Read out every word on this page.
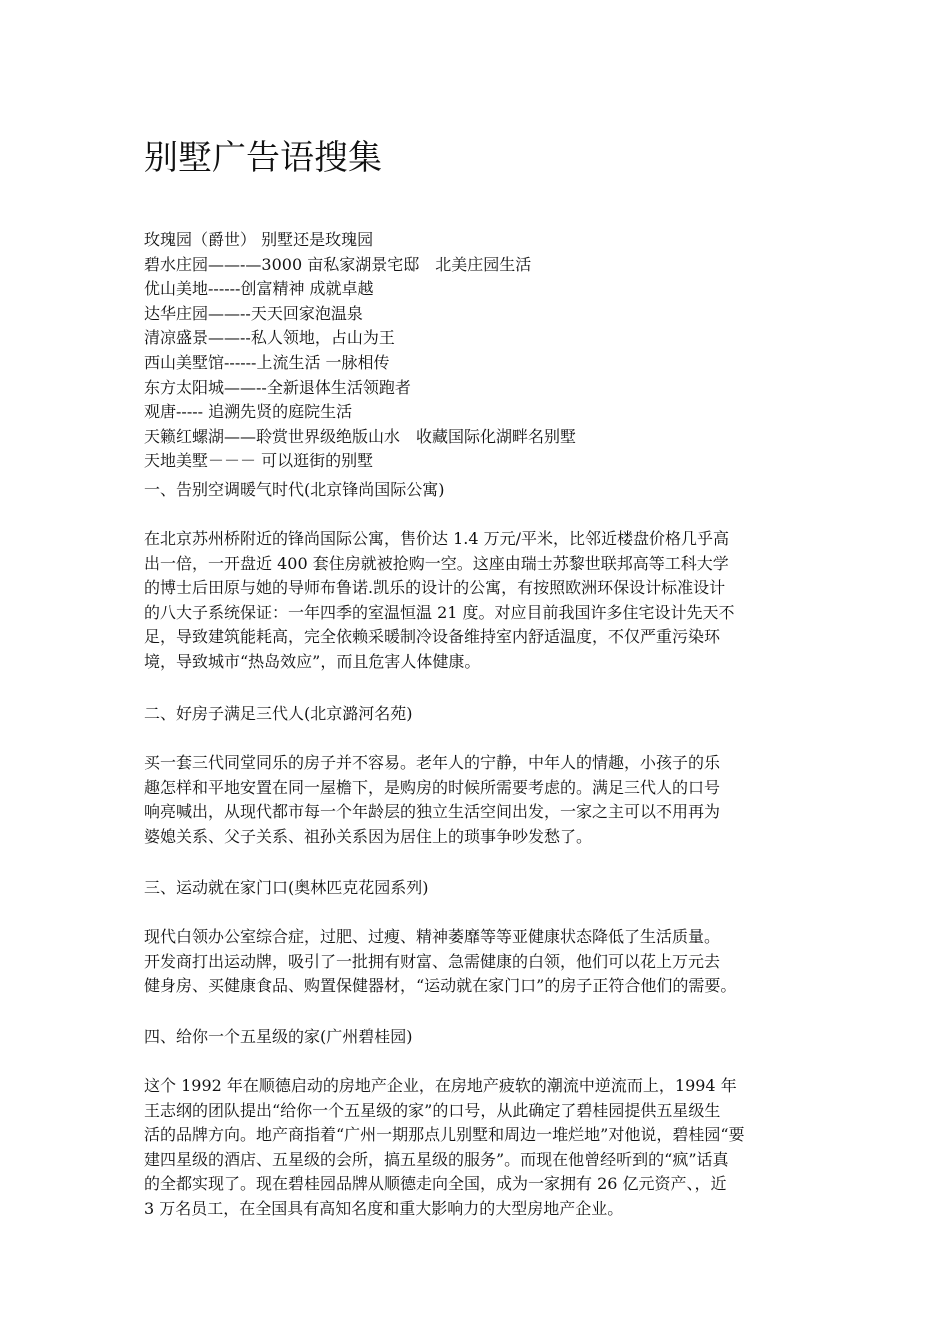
别墅广告语搜集
玫瑰园（爵世） 别墅还是玫瑰园
碧水庄园——-—3000 亩私家湖景宅邸　北美庄园生活
优山美地------创富精神 成就卓越
达华庄园——--天天回家泡温泉
清凉盛景——--私人领地，占山为王
西山美墅馆------上流生活 一脉相传
东方太阳城——--全新退体生活领跑者
观唐----- 追溯先贤的庭院生活
天籁红螺湖——聆赏世界级绝版山水　收藏国际化湖畔名别墅
天地美墅－－－ 可以逛街的别墅
一、告别空调暖气时代(北京锋尚国际公寓)
在北京苏州桥附近的锋尚国际公寓，售价达 1.4 万元/平米，比邻近楼盘价格几乎高
出一倍，一开盘近 400 套住房就被抢购一空。这座由瑞士苏黎世联邦高等工科大学
的博士后田原与她的导师布鲁诺.凯乐的设计的公寓，有按照欧洲环保设计标准设计
的八大子系统保证：一年四季的室温恒温 21 度。对应目前我国许多住宅设计先天不
足，导致建筑能耗高，完全依赖采暖制冷设备维持室内舒适温度，不仅严重污染环
境，导致城市“热岛效应”，而且危害人体健康。
二、好房子满足三代人(北京潞河名苑)
买一套三代同堂同乐的房子并不容易。老年人的宁静，中年人的情趣，小孩子的乐
趣怎样和平地安置在同一屋檐下，是购房的时候所需要考虑的。满足三代人的口号
响亮喊出，从现代都市每一个年龄层的独立生活空间出发，一家之主可以不用再为
婆媳关系、父子关系、祖孙关系因为居住上的琐事争吵发愁了。
三、运动就在家门口(奥林匹克花园系列)
现代白领办公室综合症，过肥、过瘦、精神萎靡等等亚健康状态降低了生活质量。
开发商打出运动牌，吸引了一批拥有财富、急需健康的白领，他们可以花上万元去
健身房、买健康食品、购置保健器材，“运动就在家门口”的房子正符合他们的需要。
四、给你一个五星级的家(广州碧桂园)
这个 1992 年在顺德启动的房地产企业，在房地产疲软的潮流中逆流而上，1994 年
王志纲的团队提出“给你一个五星级的家”的口号，从此确定了碧桂园提供五星级生
活的品牌方向。地产商指着“广州一期那点儿别墅和周边一堆烂地”对他说，碧桂园“要
建四星级的酒店、五星级的会所，搞五星级的服务”。而现在他曾经听到的“疯”话真
的全都实现了。现在碧桂园品牌从顺德走向全国，成为一家拥有 26 亿元资产、，近
3 万名员工，在全国具有高知名度和重大影响力的大型房地产企业。
